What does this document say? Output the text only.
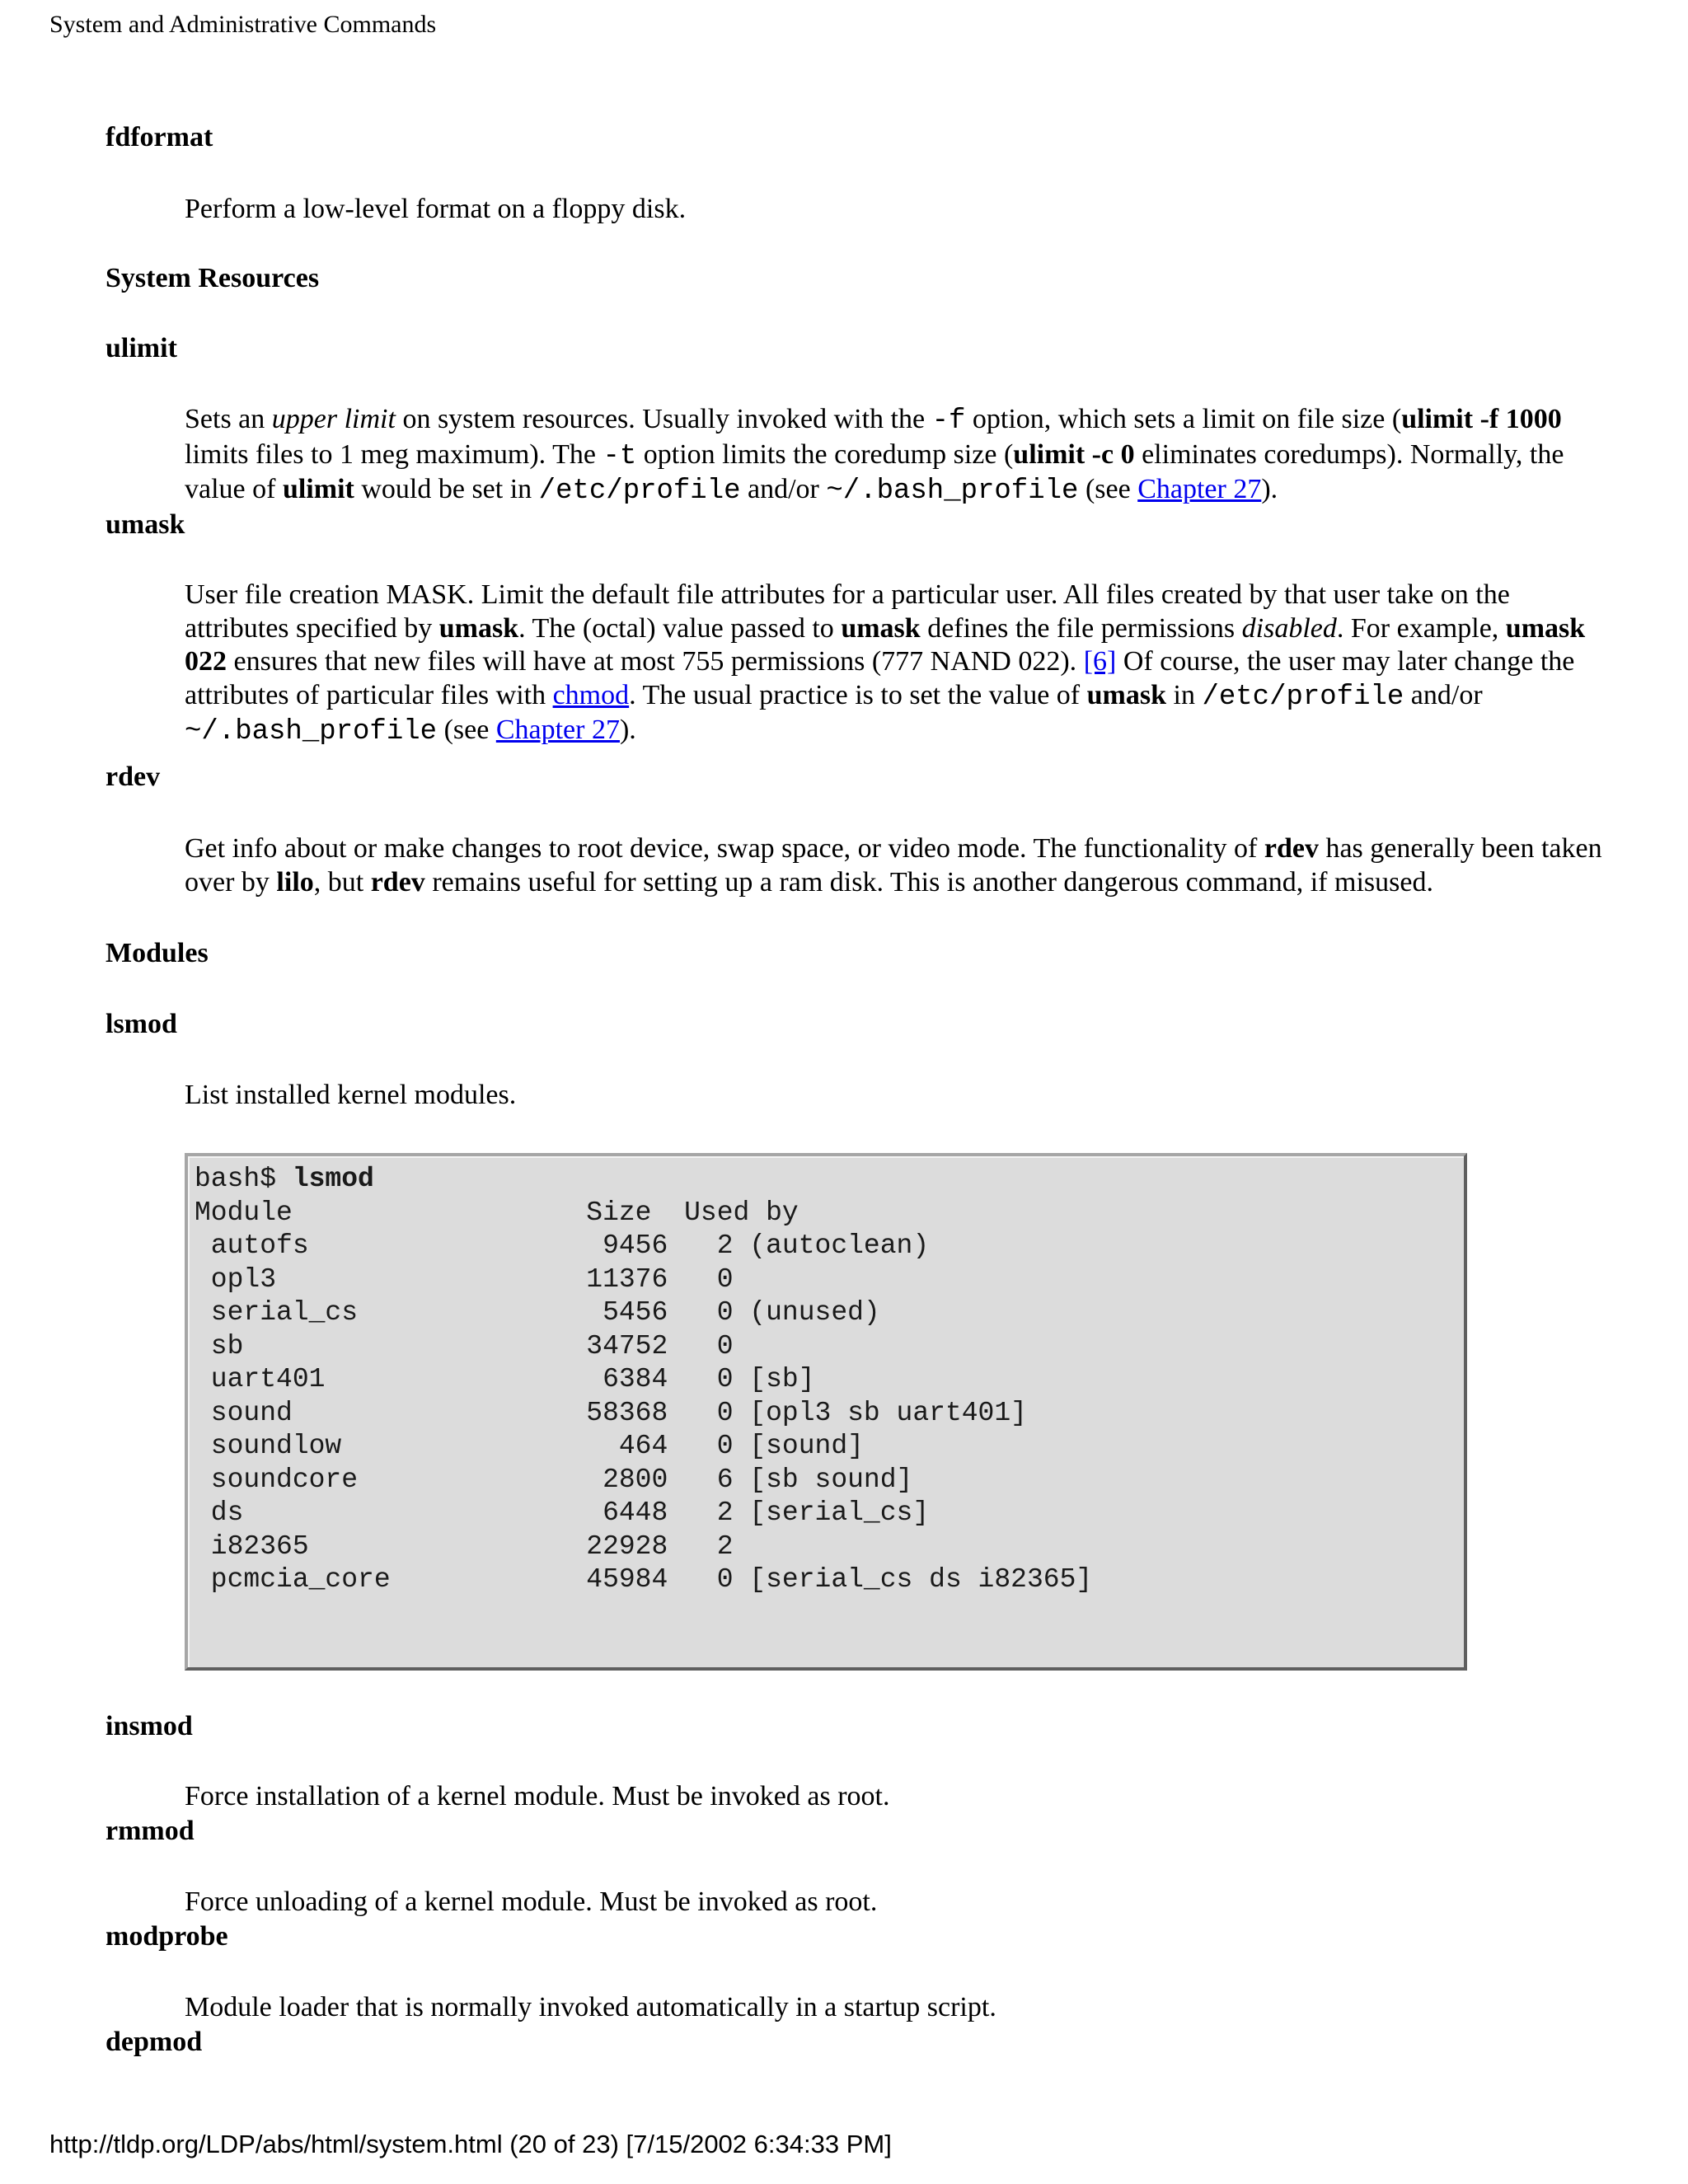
System and Administrative Commands
fdformat

Perform a low-level format on a floppy disk.

System Resources
ulimit

Sets an upper limit on system resources. Usually invoked with the -f option, which sets a limit on file size (ulimit -f 1000 limits files to 1 meg maximum). The -t option limits the coredump size (ulimit -c 0 eliminates coredumps). Normally, the value of ulimit would be set in /etc/profile and/or ~/.bash_profile (see Chapter 27).

umask

User file creation MASK. Limit the default file attributes for a particular user. All files created by that user take on the attributes specified by umask. The (octal) value passed to umask defines the file permissions disabled. For example, umask 022 ensures that new files will have at most 755 permissions (777 NAND 022). [6] Of course, the user may later change the attributes of particular files with chmod. The usual practice is to set the value of umask in /etc/profile and/or ~/.bash_profile (see Chapter 27).

rdev

Get info about or make changes to root device, swap space, or video mode. The functionality of rdev has generally been taken over by lilo, but rdev remains useful for setting up a ram disk. This is another dangerous command, if misused.

Modules
lsmod

List installed kernel modules.

bash$ lsmod
Module                  Size  Used by
autofs                  9456   2 (autoclean)
opl3                   11376   0
serial_cs               5456   0 (unused)
sb                     34752   0
uart401                 6384   0 [sb]
sound                  58368   0 [opl3 sb uart401]
soundlow                 464   0 [sound]
soundcore               2800   6 [sb sound]
ds                      6448   2 [serial_cs]
i82365                 22928   2
pcmcia_core            45984   0 [serial_cs ds i82365]
insmod

Force installation of a kernel module. Must be invoked as root.

rmmod

Force unloading of a kernel module. Must be invoked as root.

modprobe

Module loader that is normally invoked automatically in a startup script.

depmod
http://tldp.org/LDP/abs/html/system.html (20 of 23) [7/15/2002 6:34:33 PM]
